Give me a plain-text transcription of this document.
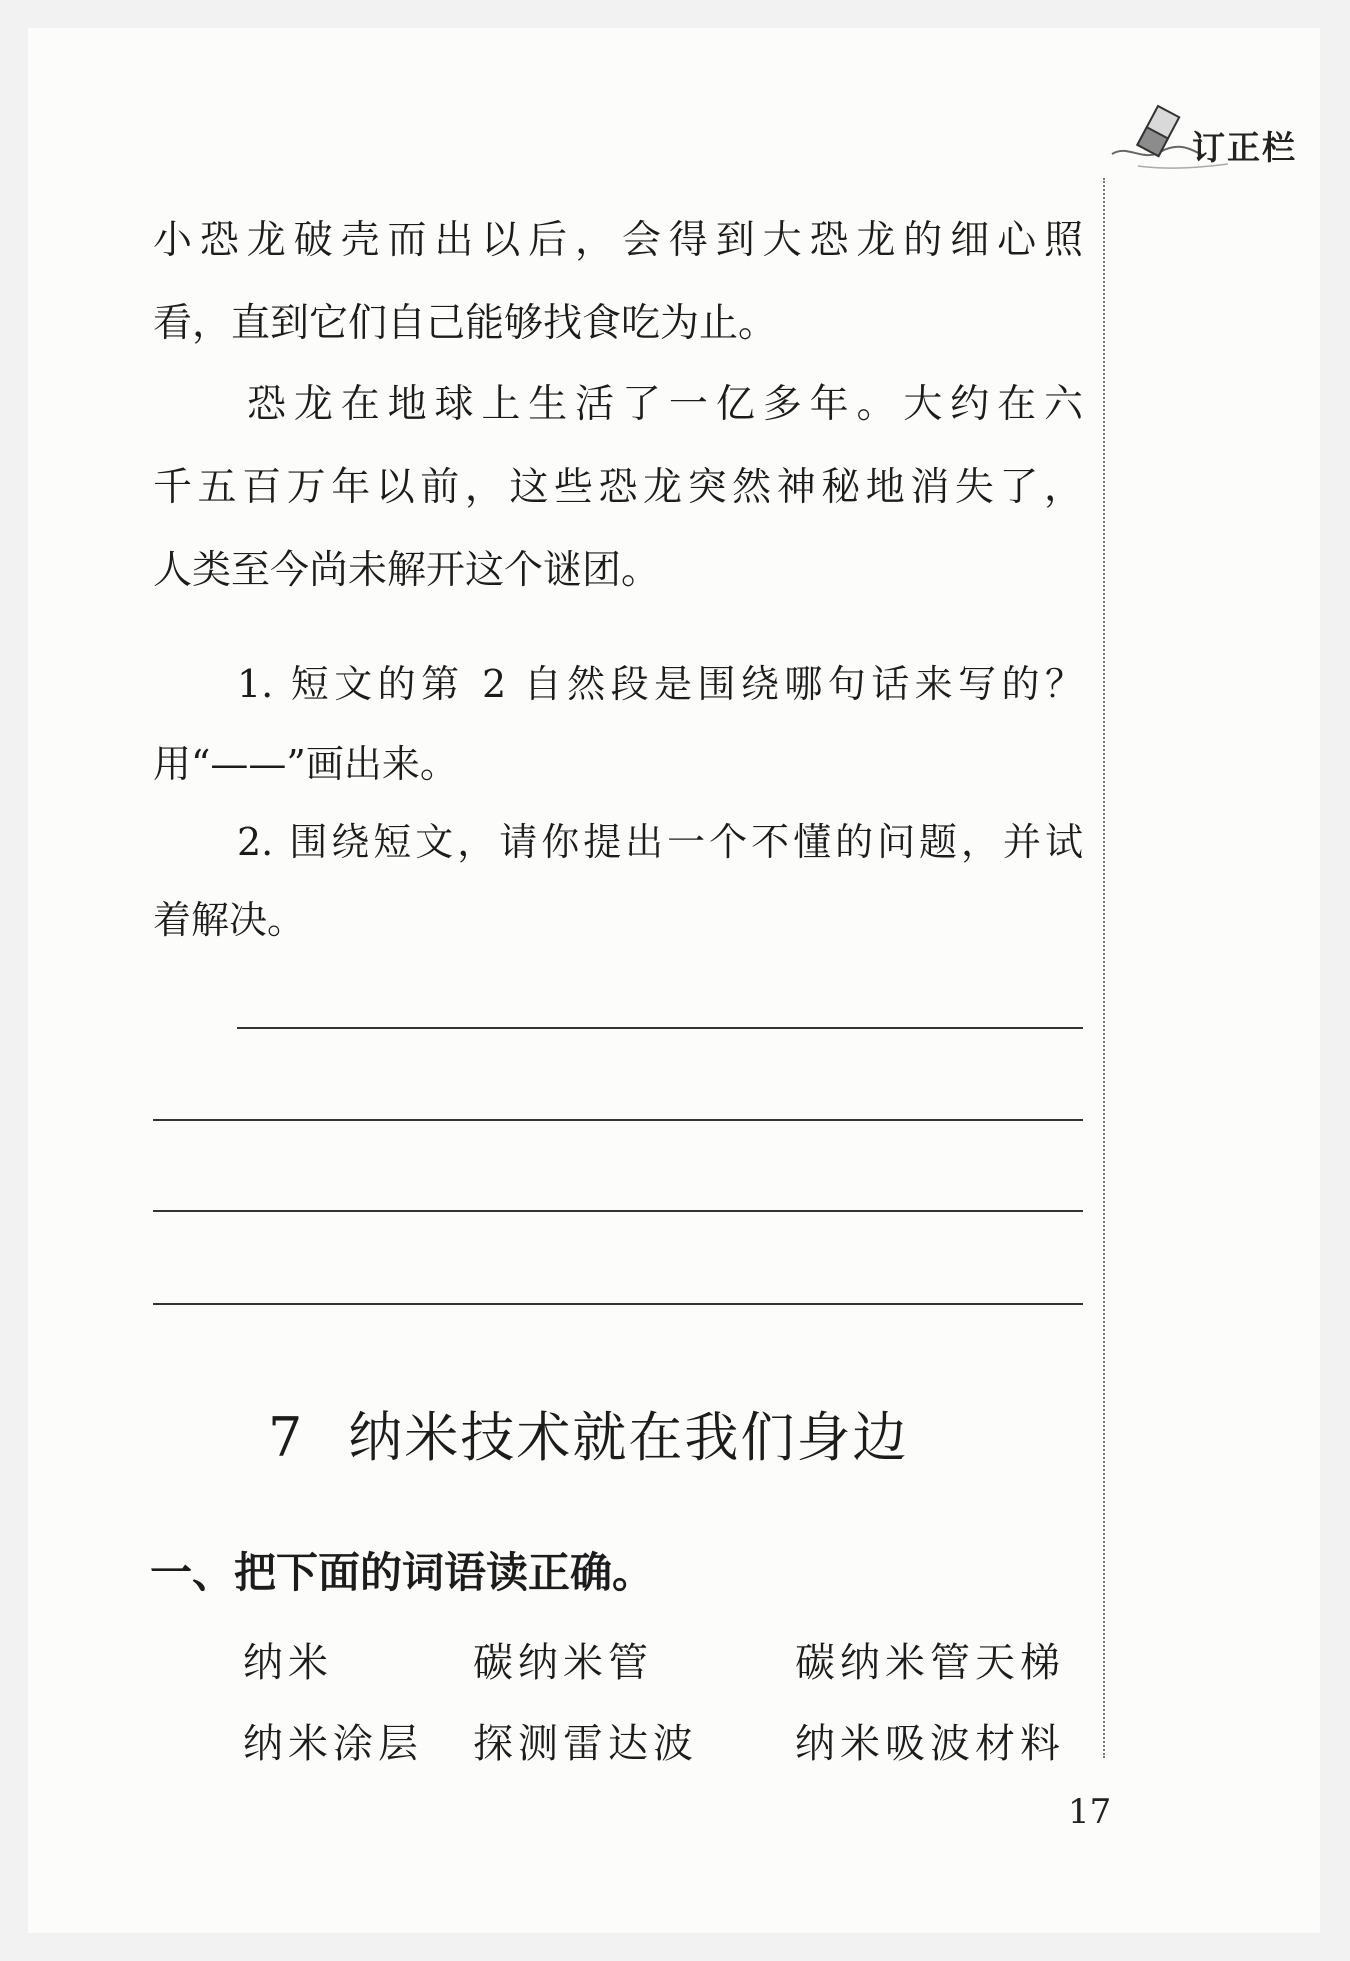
订正栏
小恐龙破壳而出以后，会得到大恐龙的细心照
看，直到它们自己能够找食吃为止。
恐龙在地球上生活了一亿多年。大约在六
千五百万年以前，这些恐龙突然神秘地消失了，
人类至今尚未解开这个谜团。
1. 短文的第 2 自然段是围绕哪句话来写的？
用“——”画出来。
2. 围绕短文，请你提出一个不懂的问题，并试
着解决。
7 纳米技术就在我们身边
一、把下面的词语读正确。
纳米	碳纳米管	碳纳米管天梯
纳米涂层 探测雷达波 纳米吸波材料
17
